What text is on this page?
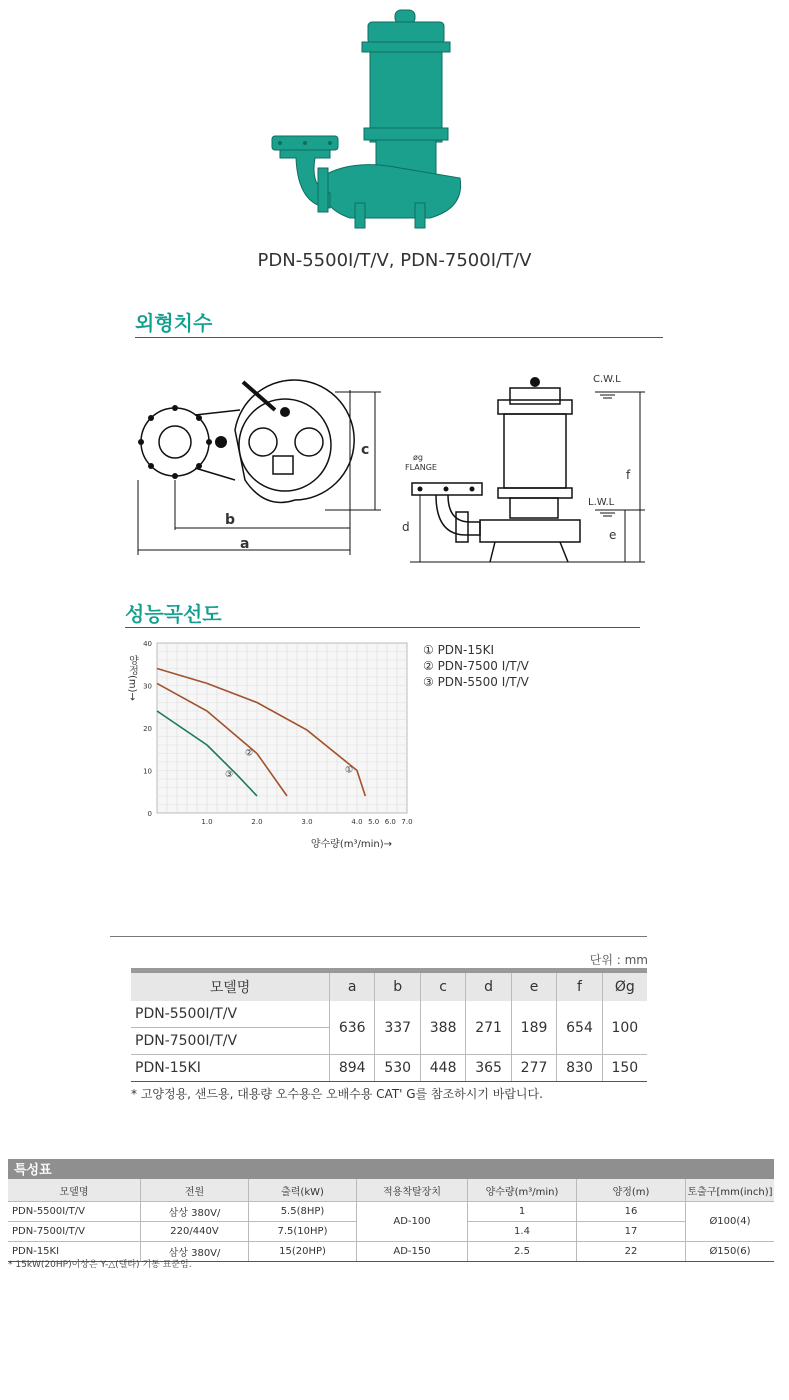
PDN-5500Ⅰ/T/V, PDN-7500Ⅰ/T/V
외형치수
b
a
c
C.W.L
L.W.L
øg
FLANGE
d
e
f
성능곡선도
0
10
20
30
40
1.0	2.0	3.0	4.0 5.0 6.0 7.0
①
②
③
양정(m)→
양수량(m³/min)→
① PDN-15KⅠ
② PDN-7500 Ⅰ/T/V
③ PDN-5500 Ⅰ/T/V
단위 : mm
모델명	a	b	c	d	e	f	Øg
PDN-5500Ⅰ/T/V	636	337	388	271	189	654	100
PDN-7500Ⅰ/T/V							
PDN-15KⅠ	894	530	448	365	277	830	150
* 고양정용, 샌드용, 대용량 오수용은 오배수용 CAT' G를 참조하시기 바랍니다.
특성표
모델명	전원	출력(kW)	적용착탈장치	양수량(m³/min)	양정(m)	토출구[mm(inch)]
PDN-5500Ⅰ/T/V	삼상 380V/	5.5(8HP)	AD-100	1	16	Ø100(4)
PDN-7500Ⅰ/T/V	220/440V	7.5(10HP)		1.4	17	
PDN-15KⅠ	삼상 380V/	15(20HP)	AD-150	2.5	22	Ø150(6)
* 15kW(20HP)이상은 Y-△(델타) 기동 표준임.
